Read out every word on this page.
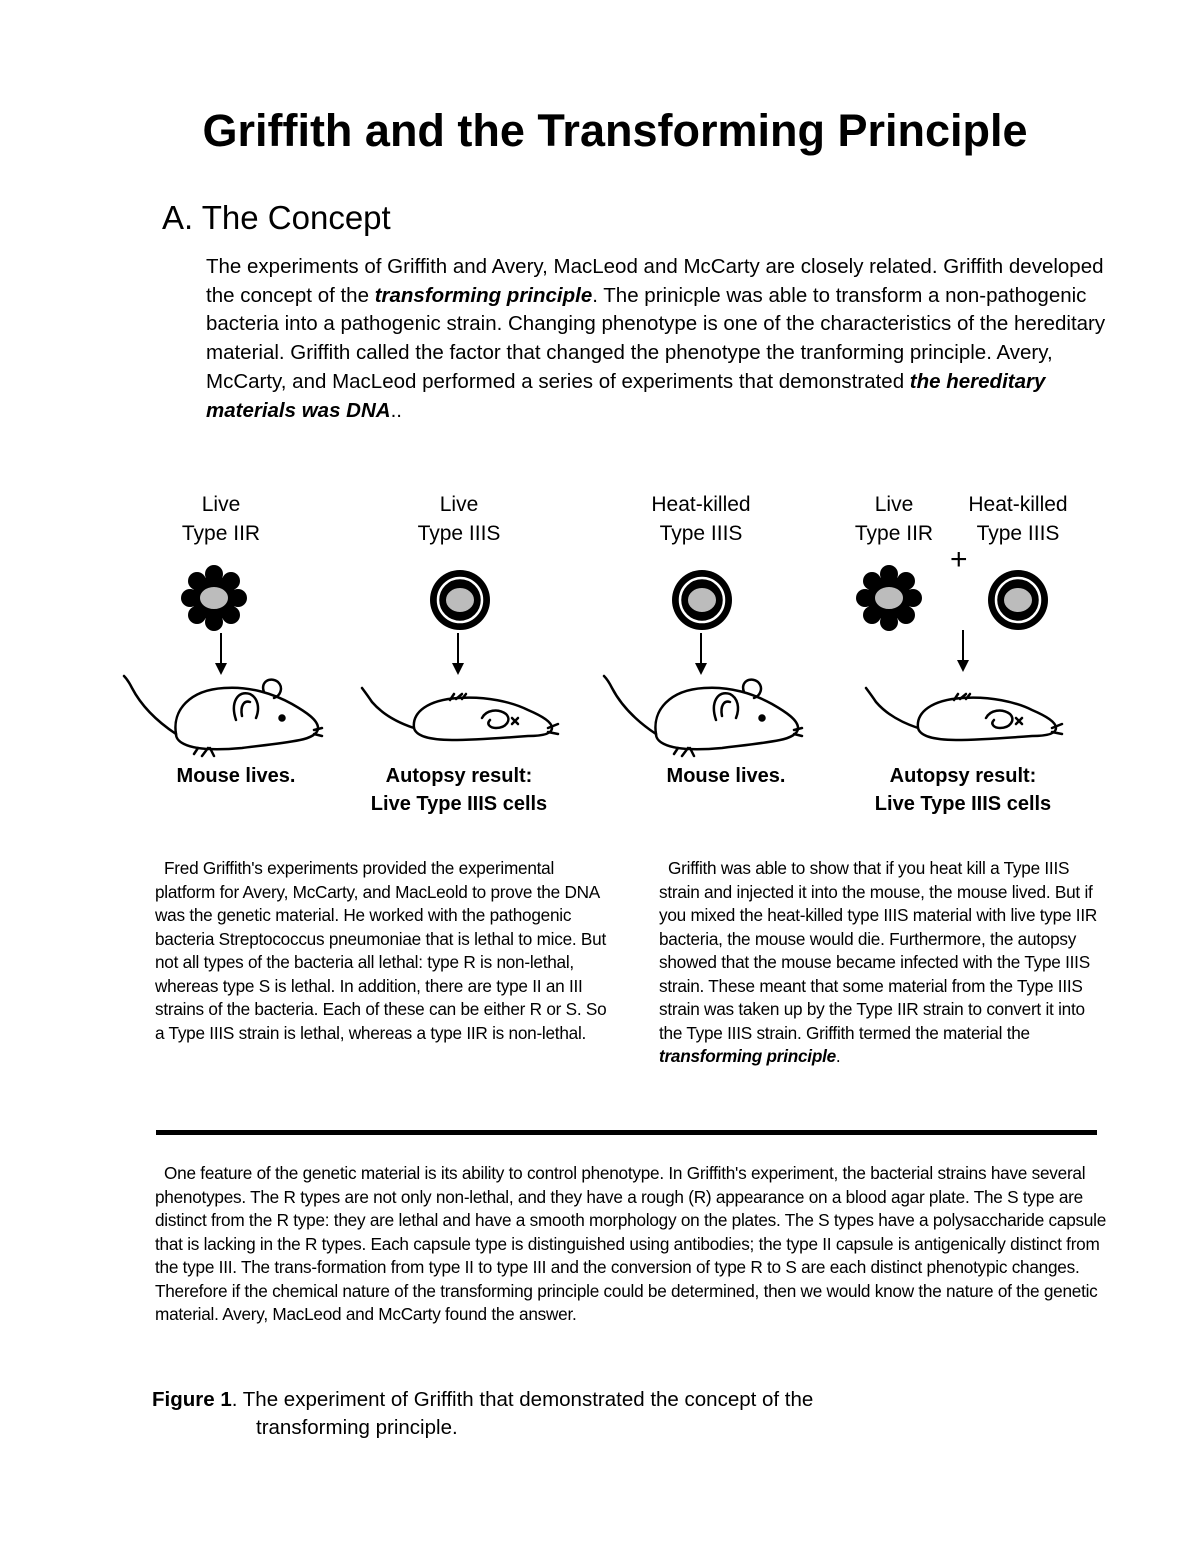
Griffith and the Transforming Principle
A. The Concept

The experiments of Griffith and Avery, MacLeod and McCarty are closely related. Griffith developed the concept of the transforming principle. The prinicple was able to transform a non-pathogenic bacteria into a pathogenic strain. Changing phenotype is one of the characteristics of the hereditary material. Griffith called the factor that changed the phenotype the tranforming principle. Avery, McCarty, and MacLeod performed a series of experiments that demonstrated the hereditary materials was DNA..

Live
Type IIR
Live
Type IIIS
Heat-killed
Type IIIS
Live
Type IIR
Heat-killed
Type IIIS
+
Mouse lives.	Autopsy result:
Live Type IIIS cells
Mouse lives.	Autopsy result:
Live Type IIIS cells

Fred Griffith's experiments provided the experimental platform for Avery, McCarty, and MacLeold to prove the DNA was the genetic material. He worked with the pathogenic bacteria Streptococcus pneumoniae that is lethal to mice. But not all types of the bacteria all lethal: type R is non-lethal, whereas type S is lethal. In addition, there are type II an III strains of the bacteria. Each of these can be either R or S. So a Type IIIS strain is lethal, whereas a type IIR is non-lethal.

Griffith was able to show that if you heat kill a Type IIIS strain and injected it into the mouse, the mouse lived. But if you mixed the heat-killed type IIIS material with live type IIR bacteria, the mouse would die. Furthermore, the autopsy showed that the mouse became infected with the Type IIIS strain. These meant that some material from the Type IIIS strain was taken up by the Type IIR strain to convert it into the Type IIIS strain. Griffith termed the material the transforming principle.

One feature of the genetic material is its ability to control phenotype. In Griffith's experiment, the bacterial strains have several phenotypes. The R types are not only non-lethal, and they have a rough (R) appearance on a blood agar plate. The S type are distinct from the R type: they are lethal and have a smooth morphology on the plates. The S types have a polysaccharide capsule that is lacking in the R types. Each capsule type is distinguished using antibodies; the type II capsule is antigenically distinct from the type III. The trans-formation from type II to type III and the conversion of type R to S are each distinct phenotypic changes. Therefore if the chemical nature of the transforming principle could be determined, then we would know the nature of the genetic material. Avery, MacLeod and McCarty found the answer.

Figure 1. The experiment of Griffith that demonstrated the concept of the
transforming principle.
